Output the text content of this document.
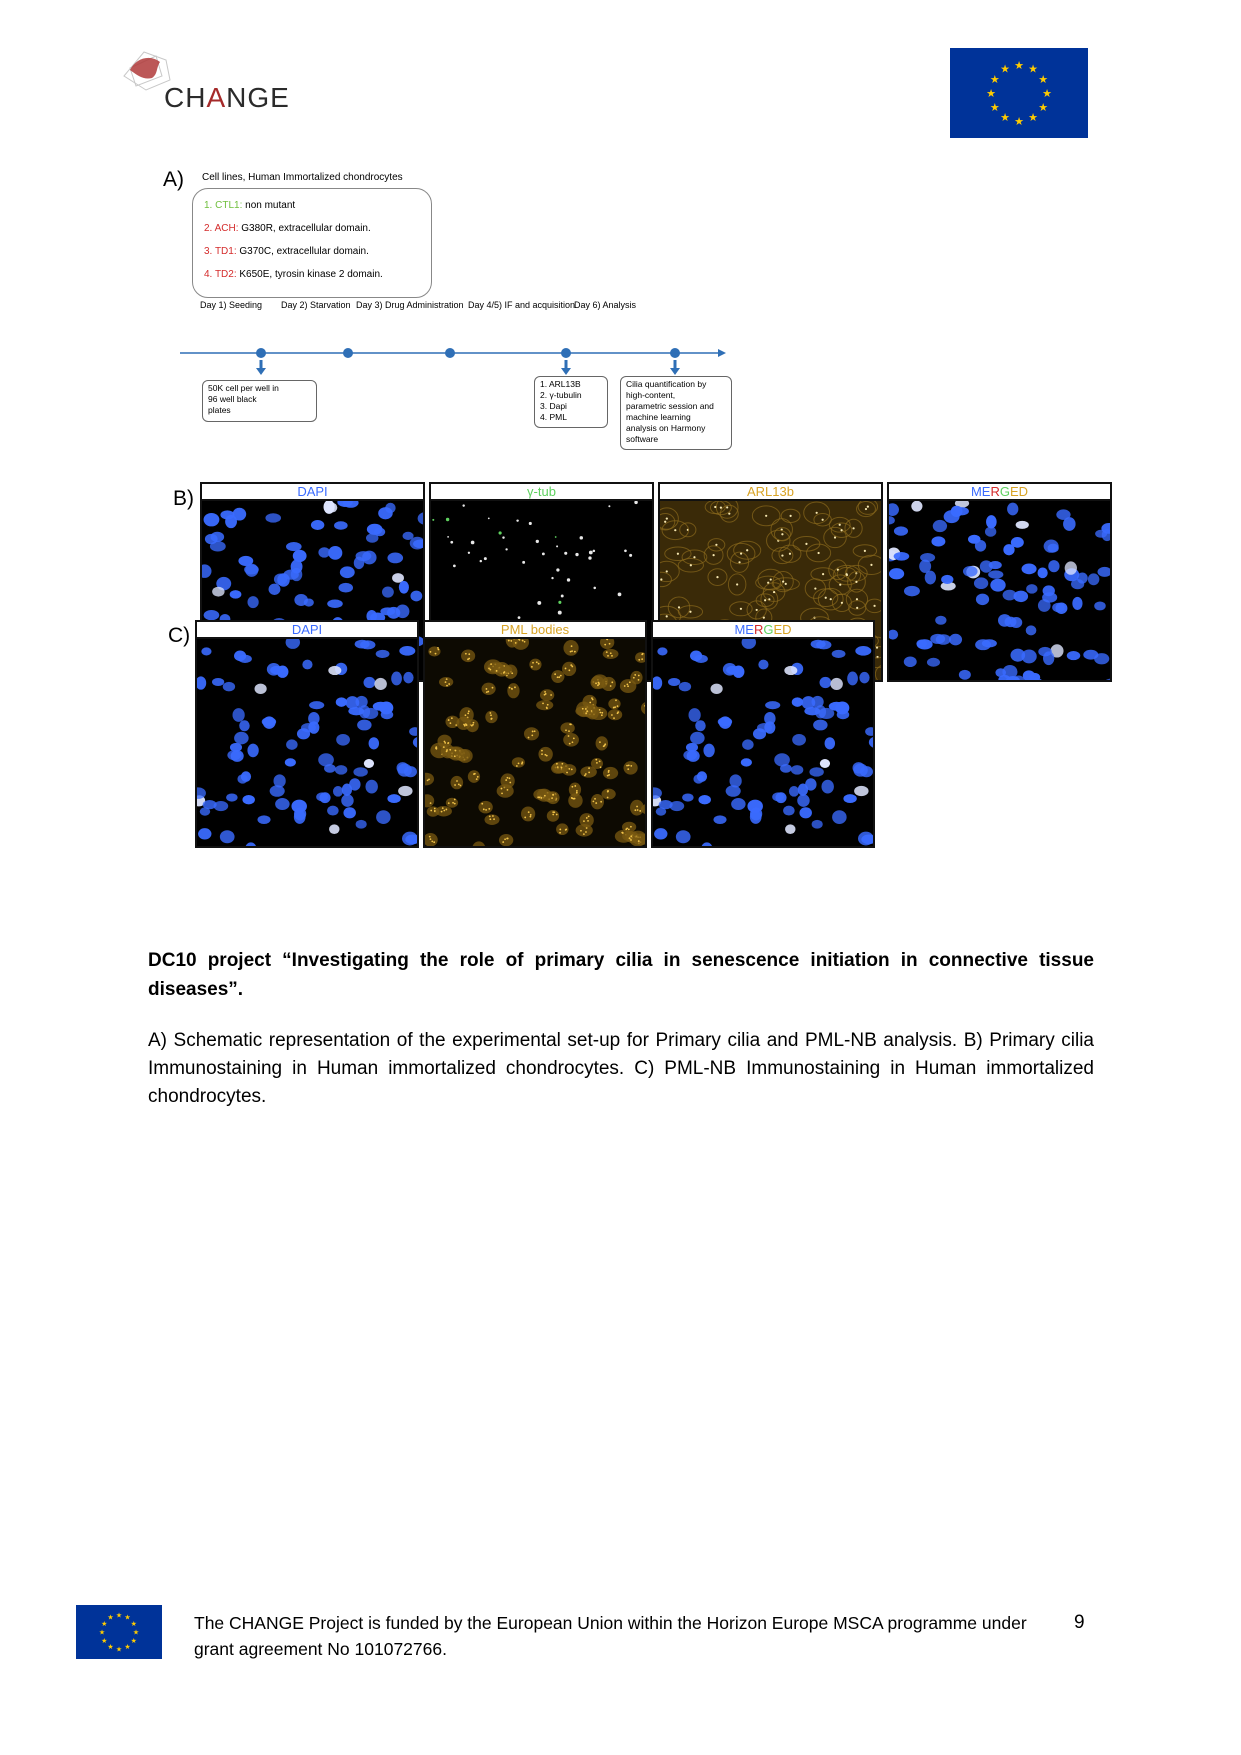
CHANGE	★
★
★
★
★
★
★
★
★ ★ ★
★
A) Cell lines, Human Immortalized chondrocytes
1. CTL1: non mutant
2. ACH: G380R, extracellular domain.
3. TD1: G370C, extracellular domain.
4. TD2: K650E, tyrosin kinase 2 domain.
Day 1) Seeding Day 2) Starvation Day 3) Drug Administration Day 4/5) IF and acquisition
Day 6) Analysis
50K cell per well in
96 well black
plates
1. ARL13B
2. γ-tubulin
3. Dapi
4. PML
Cilia quantification by
high-content,
parametric session and
machine learning
analysis on Harmony
software
B)	DAPI	γ-tub	ARL13b	MERGED
C)	DAPI	PML bodies	MERGED
DC10 project “Investigating the role of primary cilia in senescence initiation in connective tissue diseases”.
A) Schematic representation of the experimental set-up for Primary cilia and PML-NB analysis. B) Primary cilia Immunostaining in Human immortalized chondrocytes. C) PML-NB Immunostaining in Human immortalized chondrocytes.
★
★
★
★
★
★
★
★
★ ★ ★
★	The CHANGE Project is funded by the European Union within the Horizon Europe MSCA programme under grant agreement No 101072766.
9
